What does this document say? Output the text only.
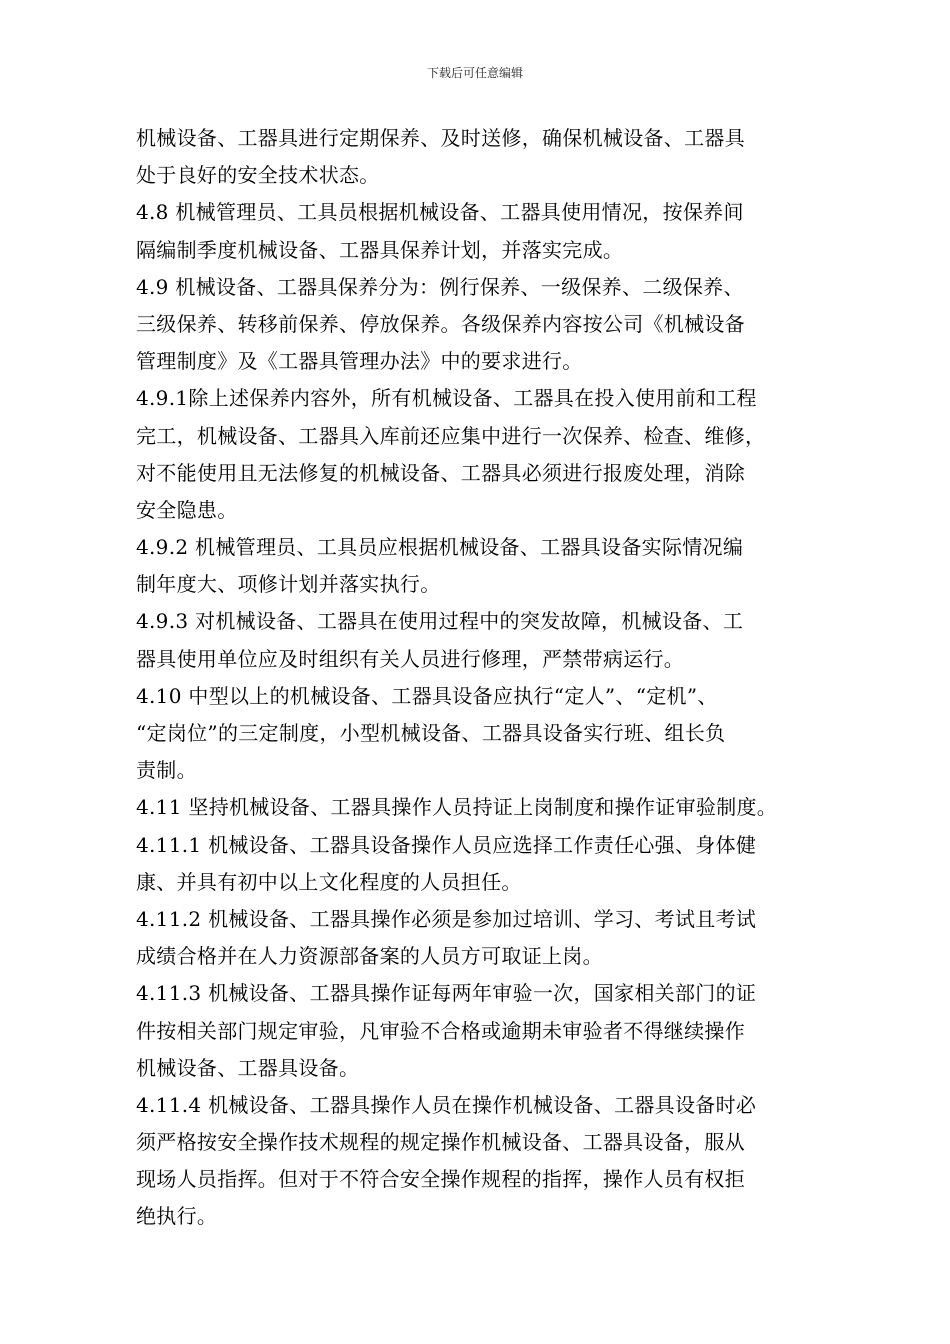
下载后可任意编辑
机械设备、工器具进行定期保养、及时送修，确保机械设备、工器具
处于良好的安全技术状态。
4.8 机械管理员、工具员根据机械设备、工器具使用情况，按保养间
隔编制季度机械设备、工器具保养计划，并落实完成。
4.9 机械设备、工器具保养分为：例行保养、一级保养、二级保养、
三级保养、转移前保养、停放保养。各级保养内容按公司《机械设备
管理制度》及《工器具管理办法》中的要求进行。
4.9.1除上述保养内容外，所有机械设备、工器具在投入使用前和工程
完工，机械设备、工器具入库前还应集中进行一次保养、检查、维修，
对不能使用且无法修复的机械设备、工器具必须进行报废处理，消除
安全隐患。
4.9.2 机械管理员、工具员应根据机械设备、工器具设备实际情况编
制年度大、项修计划并落实执行。
4.9.3 对机械设备、工器具在使用过程中的突发故障，机械设备、工
器具使用单位应及时组织有关人员进行修理，严禁带病运行。
4.10 中型以上的机械设备、工器具设备应执行“定人”、“定机”、
“定岗位”的三定制度，小型机械设备、工器具设备实行班、组长负
责制。
4.11 坚持机械设备、工器具操作人员持证上岗制度和操作证审验制度。
4.11.1 机械设备、工器具设备操作人员应选择工作责任心强、身体健
康、并具有初中以上文化程度的人员担任。
4.11.2 机械设备、工器具操作必须是参加过培训、学习、考试且考试
成绩合格并在人力资源部备案的人员方可取证上岗。
4.11.3 机械设备、工器具操作证每两年审验一次，国家相关部门的证
件按相关部门规定审验，凡审验不合格或逾期未审验者不得继续操作
机械设备、工器具设备。
4.11.4 机械设备、工器具操作人员在操作机械设备、工器具设备时必
须严格按安全操作技术规程的规定操作机械设备、工器具设备，服从
现场人员指挥。但对于不符合安全操作规程的指挥，操作人员有权拒
绝执行。
